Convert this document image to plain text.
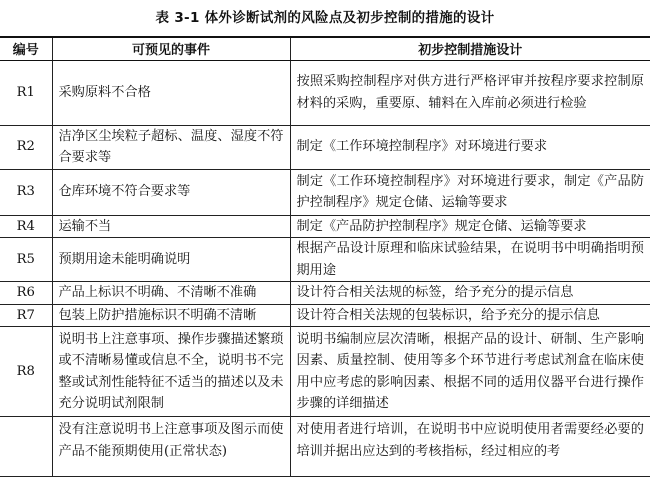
表 3-1 体外诊断试剂的风险点及初步控制的措施的设计
编号	可预见的事件	初步控制措施设计
R1	采购原料不合格	按照采购控制程序对供方进行严格评审并按程序要求控制原材料的采购，重要原、辅料在入库前必须进行检验
R2	洁净区尘埃粒子超标、温度、湿度不符合要求等	制定《工作环境控制程序》对环境进行要求
R3	仓库环境不符合要求等	制定《工作环境控制程序》对环境进行要求，制定《产品防护控制程序》规定仓储、运输等要求
R4	运输不当	制定《产品防护控制程序》规定仓储、运输等要求
R5	预期用途未能明确说明	根据产品设计原理和临床试验结果，在说明书中明确指明预期用途
R6	产品上标识不明确、不清晰不准确	设计符合相关法规的标签，给予充分的提示信息
R7	包装上防护措施标识不明确不清晰	设计符合相关法规的包装标识，给予充分的提示信息
R8	说明书上注意事项、操作步骤描述繁琐或不清晰易懂或信息不全，说明书不完整或试剂性能特征不适当的描述以及未充分说明试剂限制	说明书编制应层次清晰，根据产品的设计、研制、生产影响因素、质量控制、使用等多个环节进行考虑试剂盒在临床使用中应考虑的影响因素、根据不同的适用仪器平台进行操作步骤的详细描述
	没有注意说明书上注意事项及图示而使产品不能预期使用(正常状态)	对使用者进行培训，在说明书中应说明使用者需要经必要的培训并据出应达到的考核指标，经过相应的考
